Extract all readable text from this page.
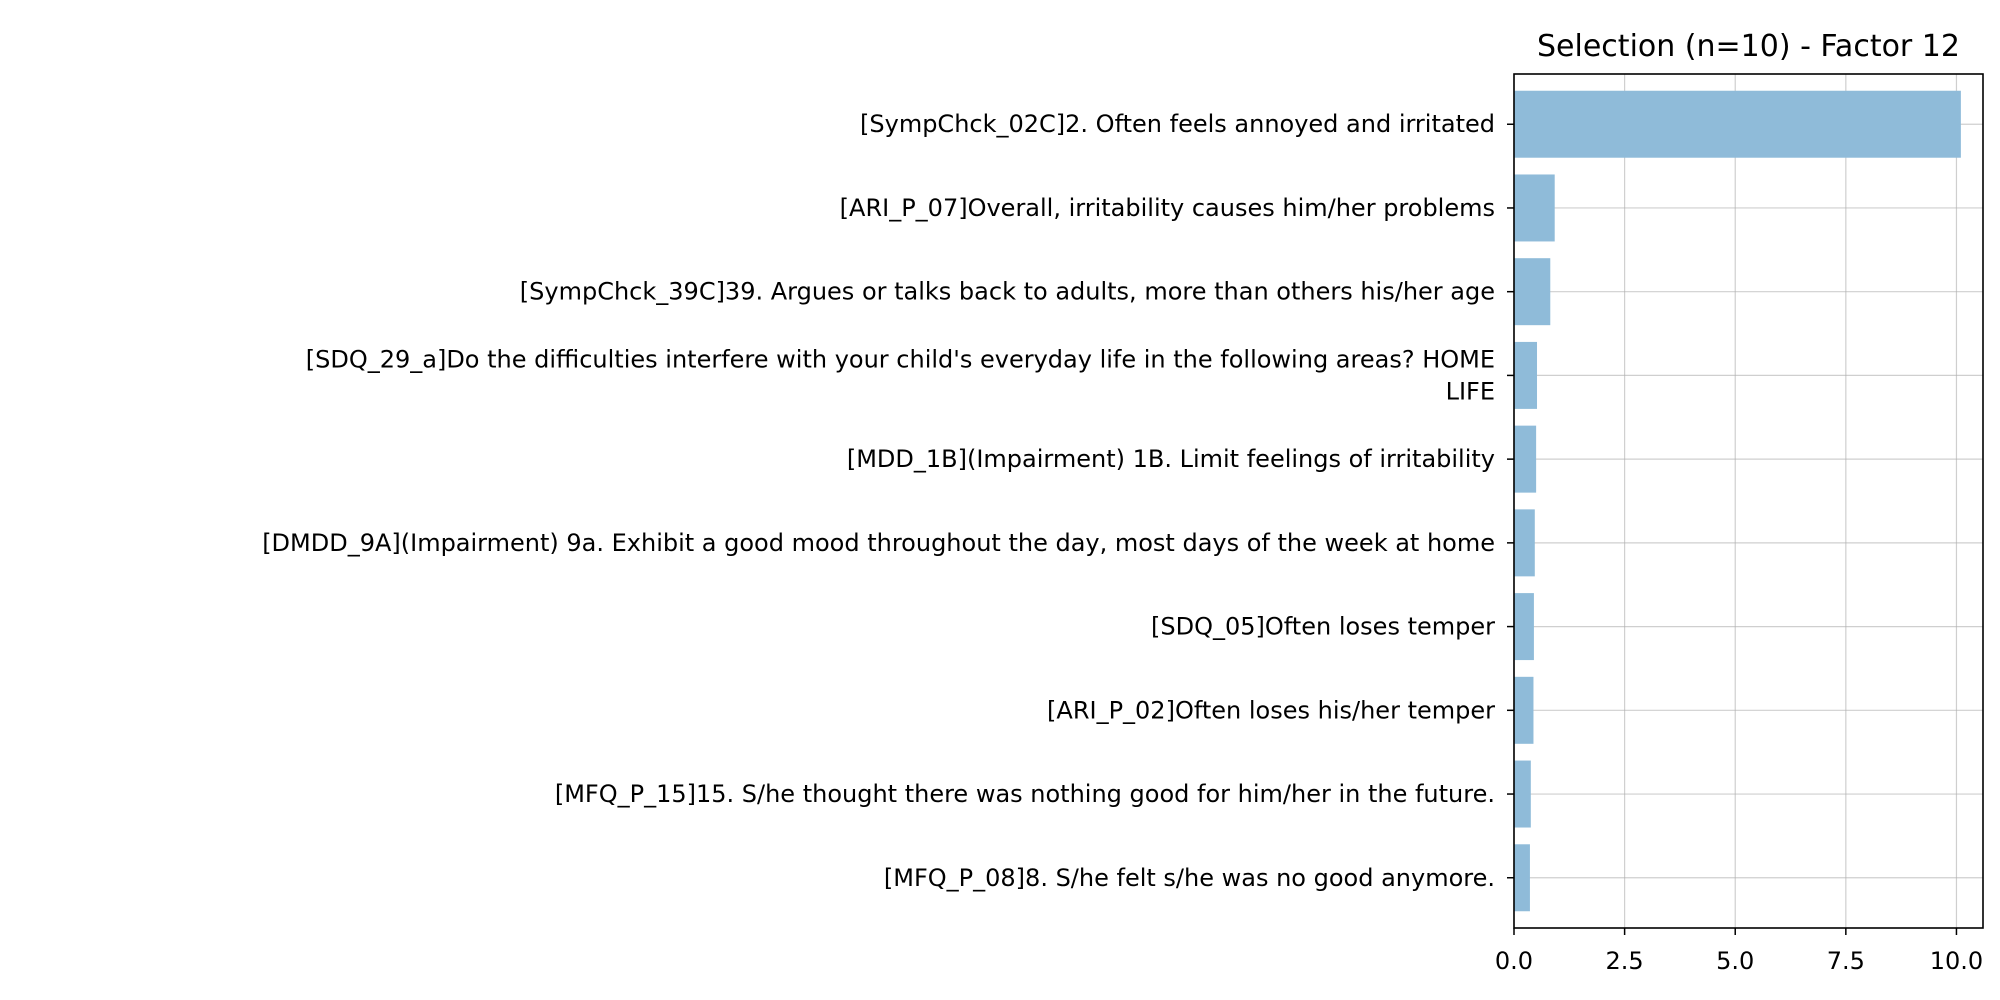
0.0	2.5	5.0	7.5	10.0
[SympChck_02C]2. Often feels annoyed and irritated
[ARI_P_07]Overall, irritability causes him/her problems
[SympChck_39C]39. Argues or talks back to adults, more than others his/her age
[SDQ_29_a]Do the difficulties interfere with your child's everyday life in the following areas? HOME
LIFE
[MDD_1B](Impairment) 1B. Limit feelings of irritability
[DMDD_9A](Impairment) 9a. Exhibit a good mood throughout the day, most days of the week at home
[SDQ_05]Often loses temper
[ARI_P_02]Often loses his/her temper
[MFQ_P_15]15. S/he thought there was nothing good for him/her in the future.
[MFQ_P_08]8. S/he felt s/he was no good anymore.
Selection (n=10) - Factor 12
